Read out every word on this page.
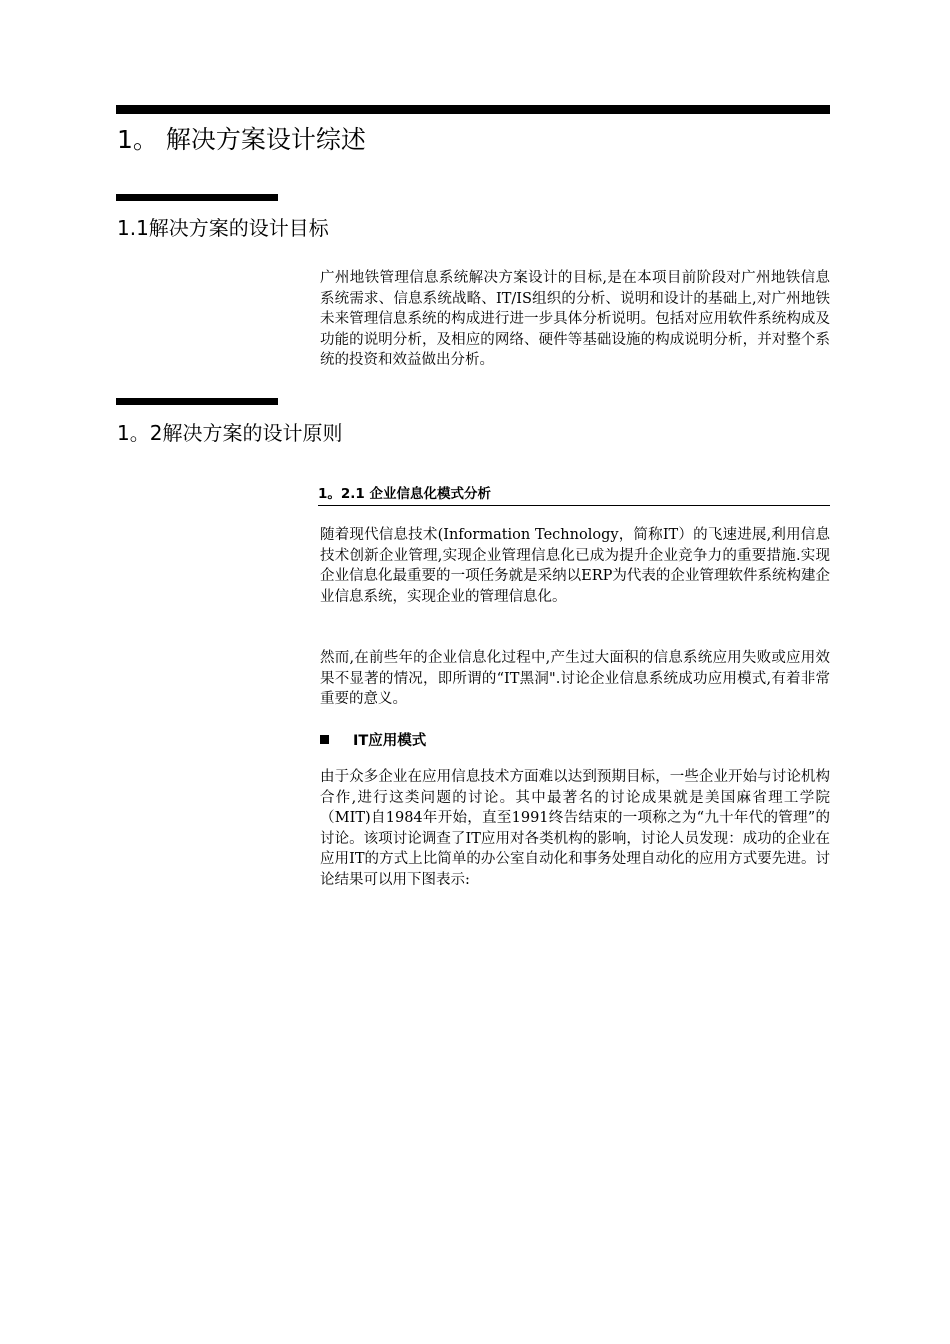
1。 解决方案设计综述
1.1解决方案的设计目标

广州地铁管理信息系统解决方案设计的目标,是在本项目前阶段对广州地铁信息系统需求、信息系统战略、IT/IS组织的分析、说明和设计的基础上,对广州地铁未来管理信息系统的构成进行进一步具体分析说明。包括对应用软件系统构成及功能的说明分析，及相应的网络、硬件等基础设施的构成说明分析，并对整个系统的投资和效益做出分析。

1。2解决方案的设计原则
1。2.1 企业信息化模式分析

随着现代信息技术(Information Technology，简称IT）的飞速进展,利用信息技术创新企业管理,实现企业管理信息化已成为提升企业竞争力的重要措施.实现企业信息化最重要的一项任务就是采纳以ERP为代表的企业管理软件系统构建企业信息系统，实现企业的管理信息化。

然而,在前些年的企业信息化过程中,产生过大面积的信息系统应用失败或应用效果不显著的情况，即所谓的“IT黑洞".讨论企业信息系统成功应用模式,有着非常重要的意义。

IT应用模式

由于众多企业在应用信息技术方面难以达到预期目标，一些企业开始与讨论机构合作,进行这类问题的讨论。其中最著名的讨论成果就是美国麻省理工学院（MIT)自1984年开始，直至1991终告结束的一项称之为“九十年代的管理”的讨论。该项讨论调查了IT应用对各类机构的影响，讨论人员发现：成功的企业在应用IT的方式上比简单的办公室自动化和事务处理自动化的应用方式要先进。讨论结果可以用下图表示:
